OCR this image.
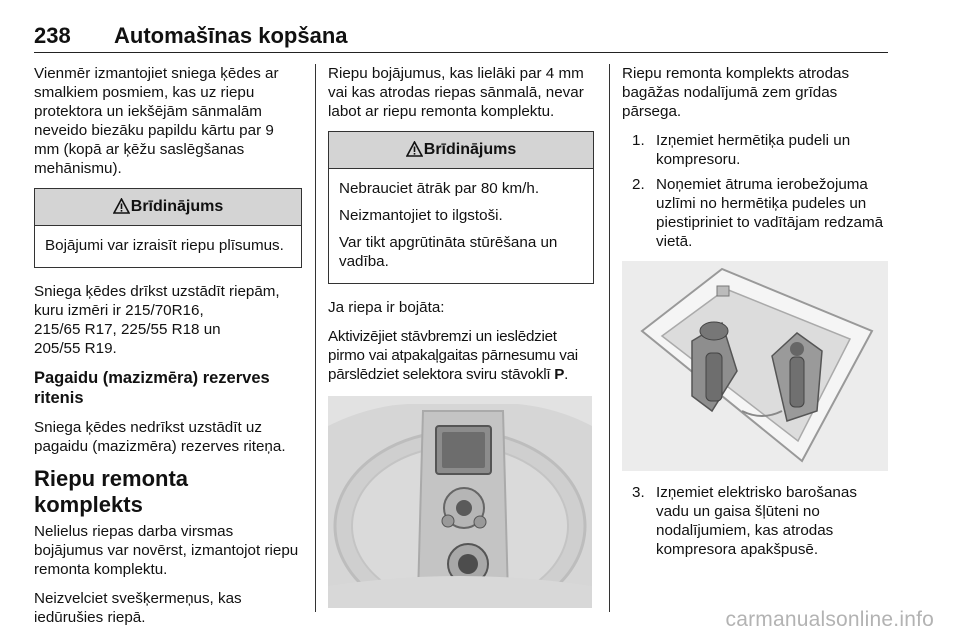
238 Automašīnas kopšana

Vienmēr izmantojiet sniega ķēdes ar smalkiem posmiem, kas uz riepu protektora un iekšējām sānmalām neveido biezāku papildu kārtu par 9 mm (kopā ar ķēžu saslēgšanas mehānismu).

Brīdinājums

Bojājumi var izraisīt riepu plīsumus.

Sniega ķēdes drīkst uzstādīt riepām, kuru izmēri ir 215/70R16,
215/65 R17, 225/55 R18 un
205/55 R19.

Pagaidu (mazizmēra) rezerves ritenis

Sniega ķēdes nedrīkst uzstādīt uz pagaidu (mazizmēra) rezerves riteņa.

Riepu remonta komplekts

Nelielus riepas darba virsmas bojājumus var novērst, izmantojot riepu remonta komplektu.

Neizvelciet svešķermeņus, kas iedūrušies riepā.

Riepu bojājumus, kas lielāki par 4 mm vai kas atrodas riepas sānmalā, nevar labot ar riepu remonta komplektu.

Brīdinājums

Nebrauciet ātrāk par 80 km/h.

Neizmantojiet to ilgstoši.

Var tikt apgrūtināta stūrēšana un vadība.

Ja riepa ir bojāta:

Aktivizējiet stāvbremzi un ieslēdziet pirmo vai atpakaļgaitas pārnesumu vai pārslēdziet selektora sviru stāvoklī P.

Riepu remonta komplekts atrodas bagāžas nodalījumā zem grīdas pārsega.

1. Izņemiet hermētiķa pudeli un kompresoru.
2. Noņemiet ātruma ierobežojuma uzlīmi no hermētiķa pudeles un piestipriniet to vadītājam redzamā vietā.
3. Izņemiet elektrisko barošanas vadu un gaisa šļūteni no nodalījumiem, kas atrodas kompresora apakšpusē.
carmanualsonline.info
